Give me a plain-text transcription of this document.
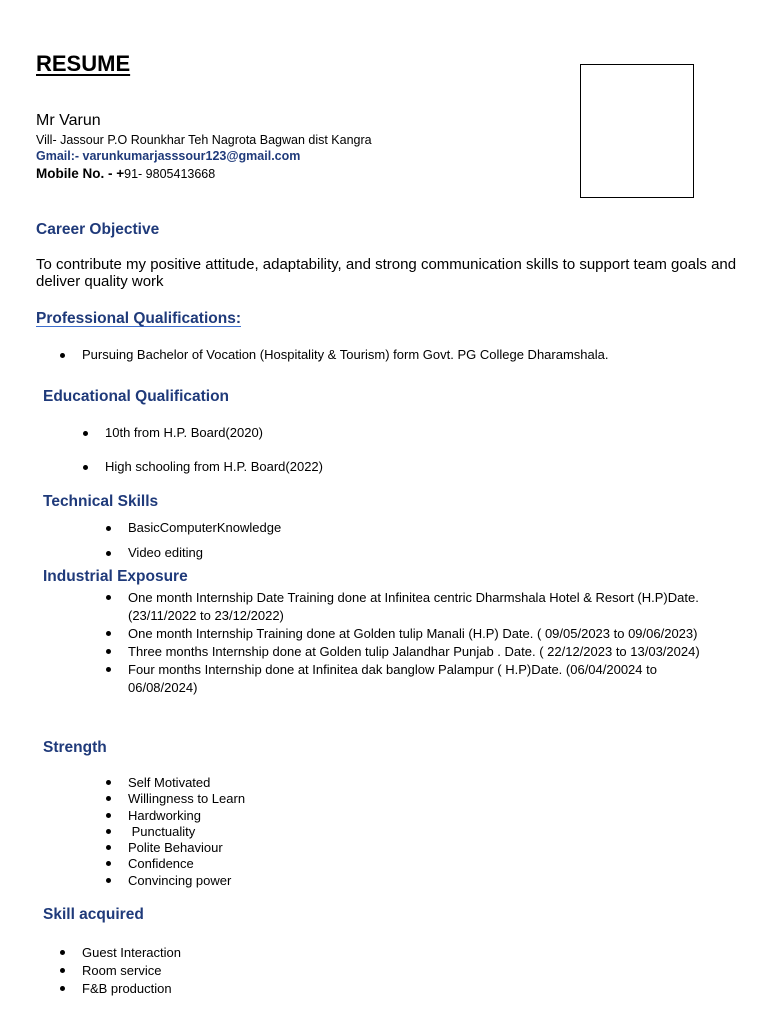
RESUME
Mr Varun
Vill- Jassour P.O Rounkhar Teh Nagrota Bagwan dist Kangra
Gmail:- varunkumarjasssour123@gmail.com
Mobile No. - +91- 9805413668
Career Objective
To contribute my positive attitude, adaptability, and strong communication skills to support team goals and deliver quality work
Professional Qualifications:
Pursuing Bachelor of Vocation (Hospitality & Tourism) form Govt. PG College Dharamshala.
Educational Qualification
10th from H.P. Board(2020)
High schooling from H.P. Board(2022)
Technical Skills
BasicComputerKnowledge
Video editing
Industrial Exposure
One month Internship Date Training done at Infinitea centric Dharmshala Hotel & Resort (H.P)Date.(23/11/2022 to 23/12/2022)
One month Internship Training done at Golden tulip Manali (H.P) Date. ( 09/05/2023 to 09/06/2023)
Three months Internship done at Golden tulip Jalandhar Punjab . Date. ( 22/12/2023 to 13/03/2024)
Four months Internship done at Infinitea dak banglow Palampur ( H.P)Date. (06/04/20024 to 06/08/2024)
Strength
Self Motivated
Willingness to Learn
Hardworking
Punctuality
Polite Behaviour
Confidence
Convincing power
Skill acquired
Guest Interaction
Room service
F&B production
